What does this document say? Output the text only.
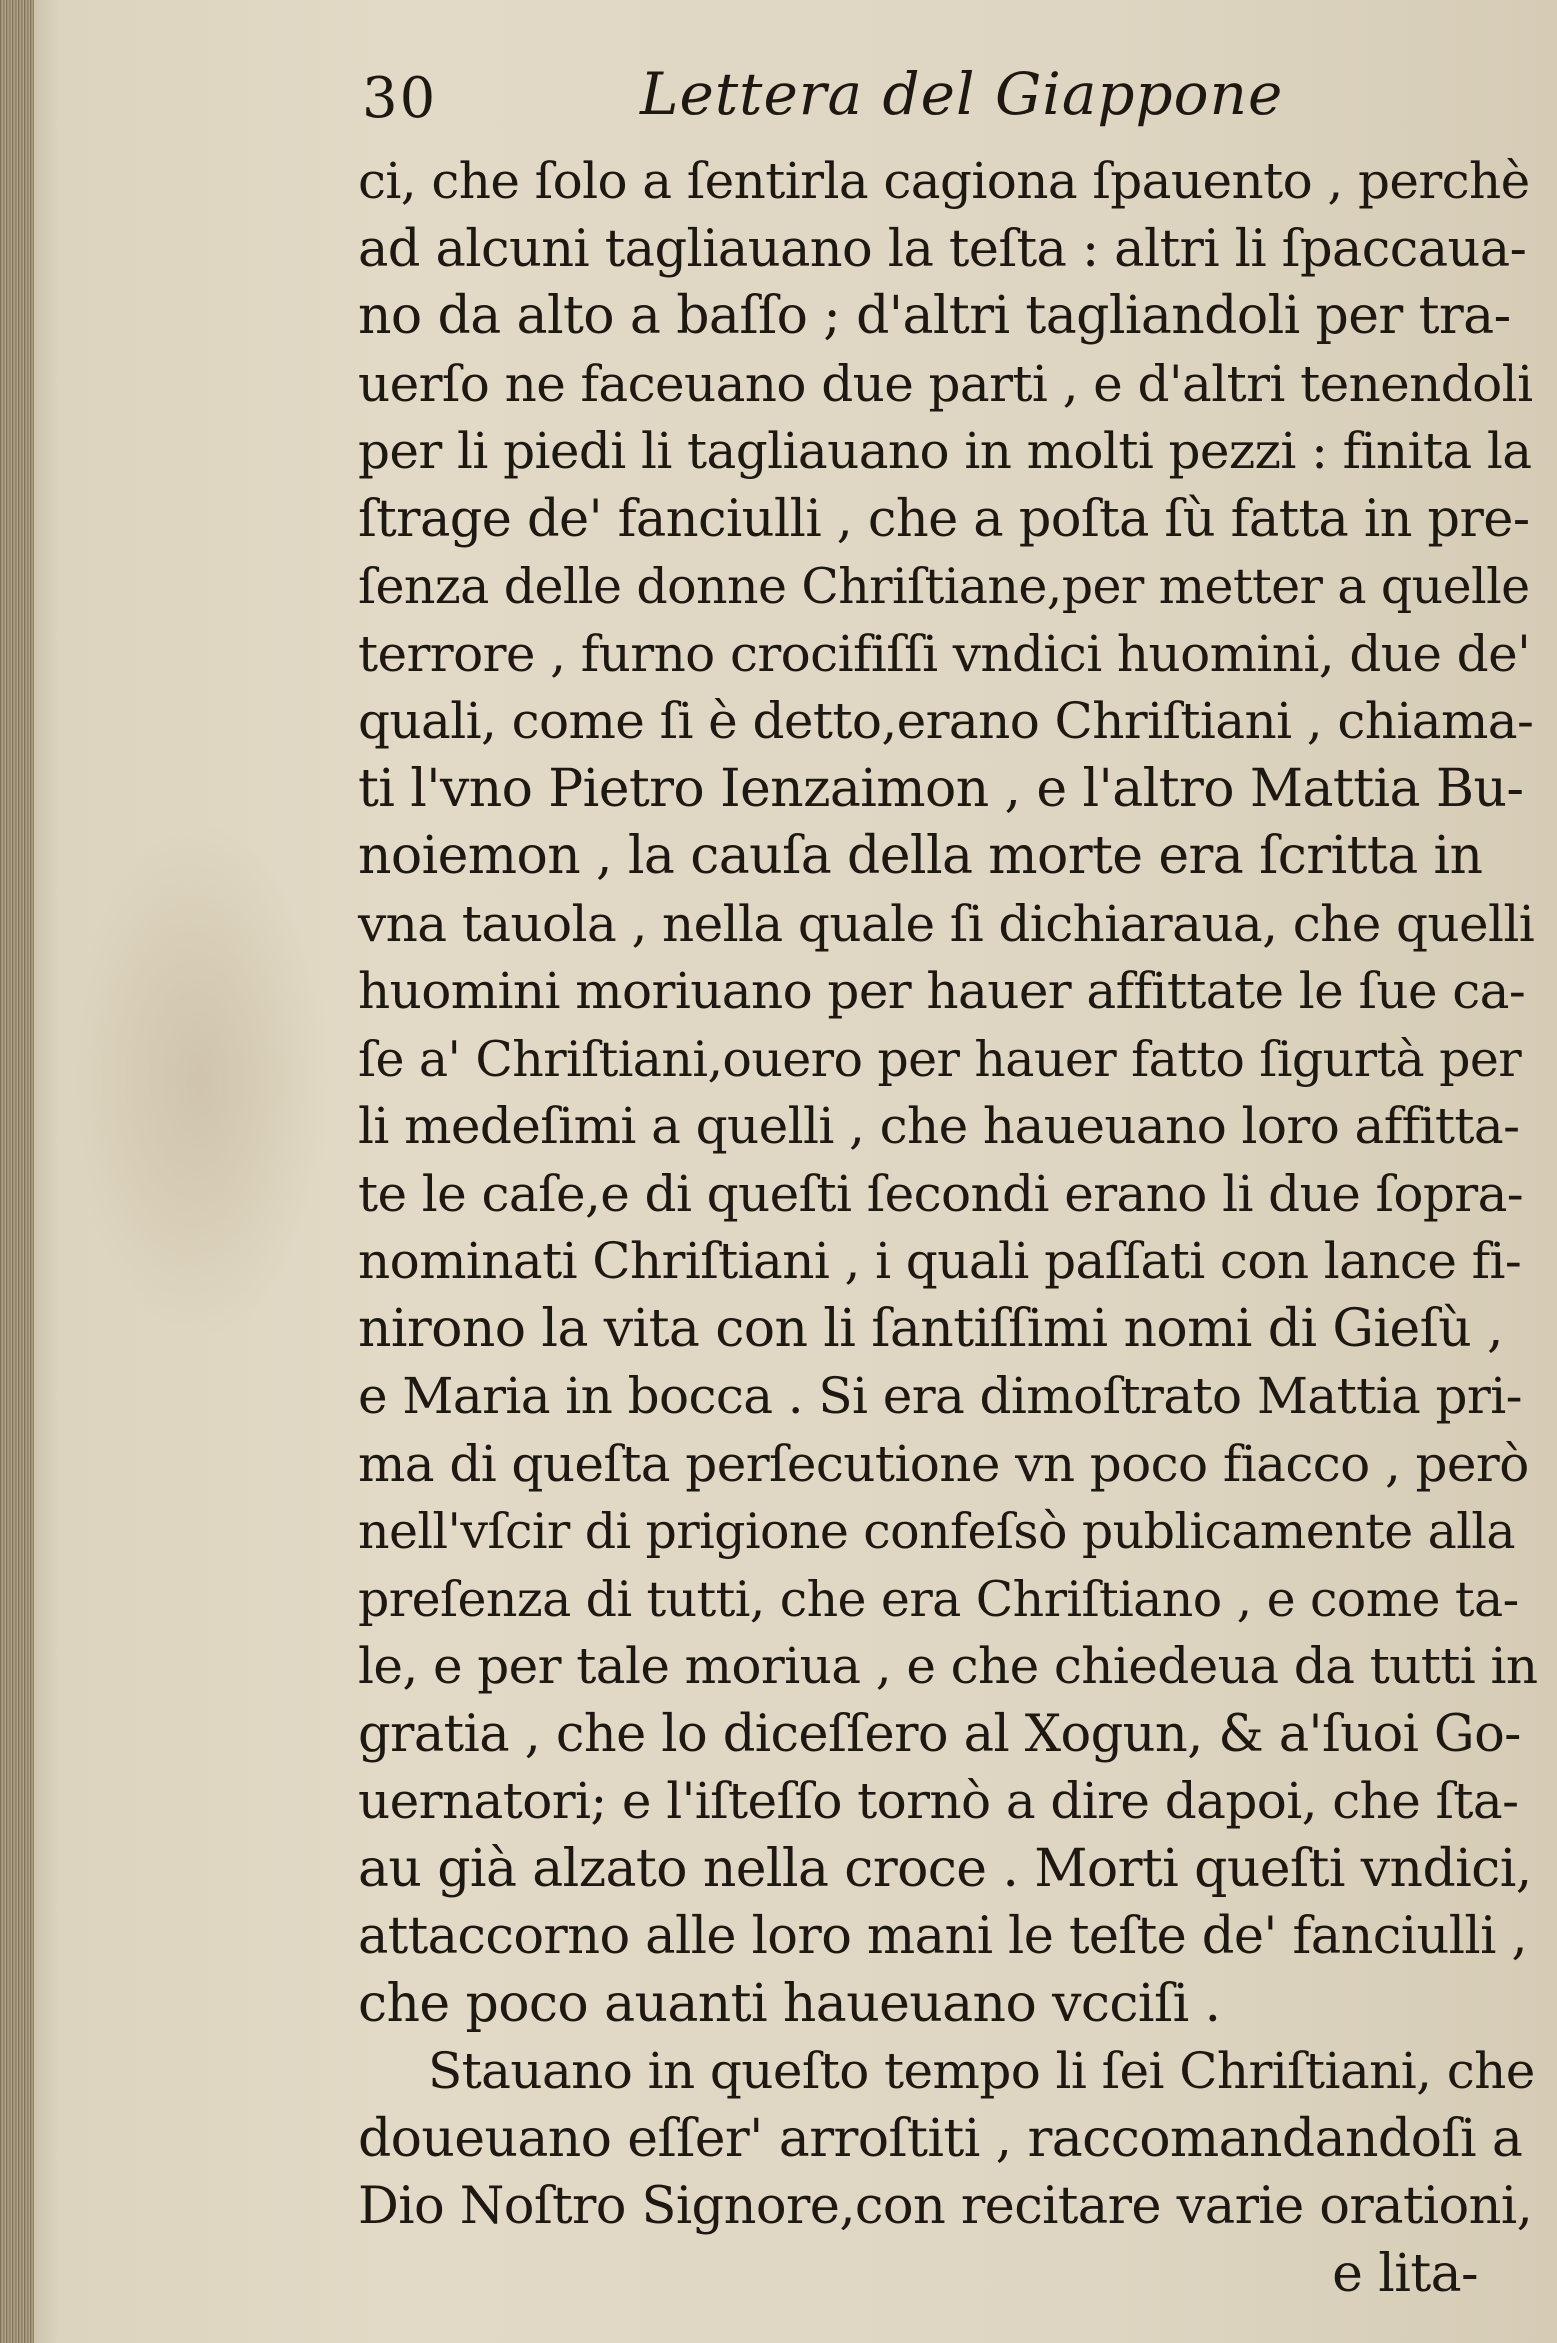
30	Lettera del Giappone
ci, che ſolo a ſentirla cagiona ſpauento , perchè
ad alcuni tagliauano la teſta : altri li ſpaccaua-
no da alto a baſſo ; d'altri tagliandoli per tra-
uerſo ne faceuano due parti , e d'altri tenendoli
per li piedi li tagliauano in molti pezzi : finita la
ſtrage de' fanciulli , che a poſta ſù fatta in pre-
ſenza delle donne Chriſtiane,per metter a quelle
terrore , furno crocifiſſi vndici huomini, due de'
quali, come ſi è detto,erano Chriſtiani , chiama-
ti l'vno Pietro Ienzaimon , e l'altro Mattia Bu-
noiemon , la cauſa della morte era ſcritta in
vna tauola , nella quale ſi dichiaraua, che quelli
huomini moriuano per hauer affittate le ſue ca-
ſe a' Chriſtiani,ouero per hauer fatto ſigurtà per
li medeſimi a quelli , che haueuano loro affitta-
te le caſe,e di queſti ſecondi erano li due ſopra-
nominati Chriſtiani , i quali paſſati con lance fi-
nirono la vita con li ſantiſſimi nomi di Gieſù ,
e Maria in bocca . Si era dimoſtrato Mattia pri-
ma di queſta perſecutione vn poco fiacco , però
nell'vſcir di prigione confeſsò publicamente alla
preſenza di tutti, che era Chriſtiano , e come ta-
le, e per tale moriua , e che chiedeua da tutti in
gratia , che lo diceſſero al Xogun, & a'ſuoi Go-
uernatori; e l'iſteſſo tornò a dire dapoi, che ſta-
au già alzato nella croce . Morti queſti vndici,
attaccorno alle loro mani le teſte de' fanciulli ,
che poco auanti haueuano vcciſi .
Stauano in queſto tempo li ſei Chriſtiani, che
doueuano eſſer' arroſtiti , raccomandandoſi a
Dio Noſtro Signore,con recitare varie orationi,
e lita-
